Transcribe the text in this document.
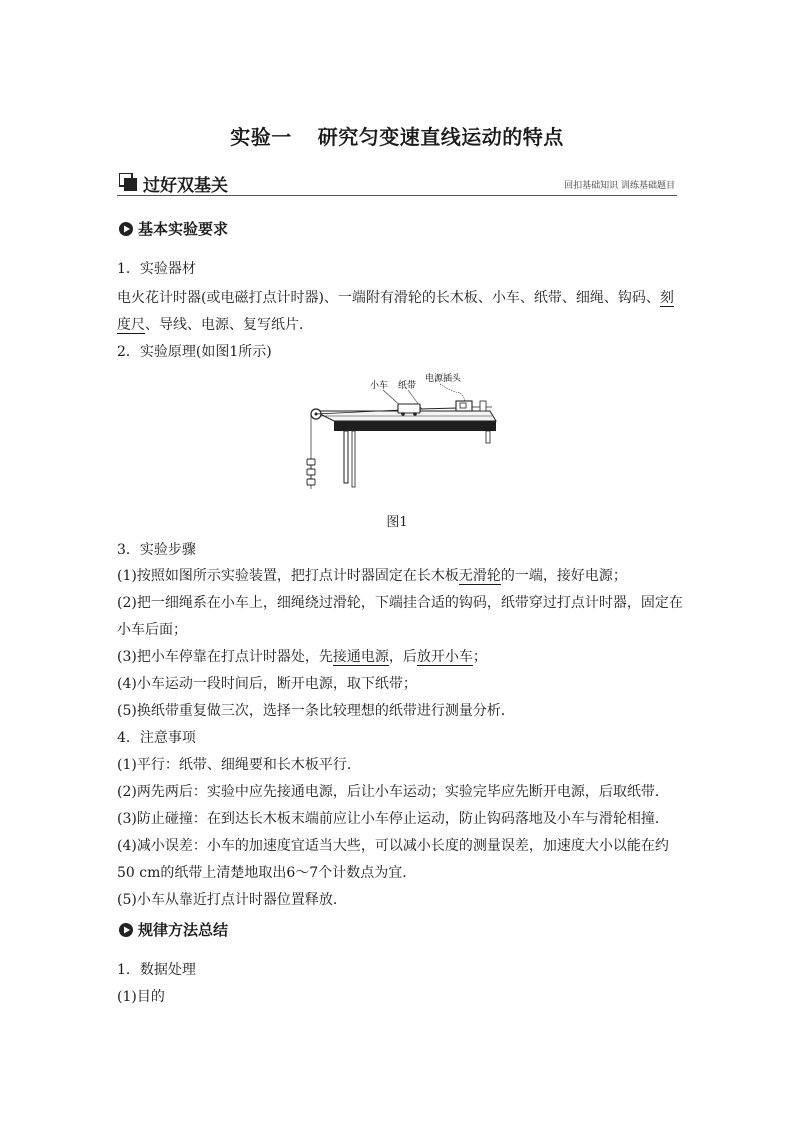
实验一 研究匀变速直线运动的特点
过好双基关	回扣基础知识 训练基础题目
基本实验要求
1．实验器材
电火花计时器(或电磁打点计时器)、一端附有滑轮的长木板、小车、纸带、细绳、钩码、刻
度尺、导线、电源、复写纸片．
2．实验原理(如图1所示)
小车 纸带
电源插头
图1
3．实验步骤
(1)按照如图所示实验装置，把打点计时器固定在长木板无滑轮的一端，接好电源；
(2)把一细绳系在小车上，细绳绕过滑轮，下端挂合适的钩码，纸带穿过打点计时器，固定在
小车后面；
(3)把小车停靠在打点计时器处，先接通电源，后放开小车；
(4)小车运动一段时间后，断开电源，取下纸带；
(5)换纸带重复做三次，选择一条比较理想的纸带进行测量分析．
4．注意事项
(1)平行：纸带、细绳要和长木板平行．
(2)两先两后：实验中应先接通电源，后让小车运动；实验完毕应先断开电源，后取纸带．
(3)防止碰撞：在到达长木板末端前应让小车停止运动，防止钩码落地及小车与滑轮相撞．
(4)减小误差：小车的加速度宜适当大些，可以减小长度的测量误差，加速度大小以能在约
50 cm的纸带上清楚地取出6～7个计数点为宜．
(5)小车从靠近打点计时器位置释放．
规律方法总结
1．数据处理
(1)目的
